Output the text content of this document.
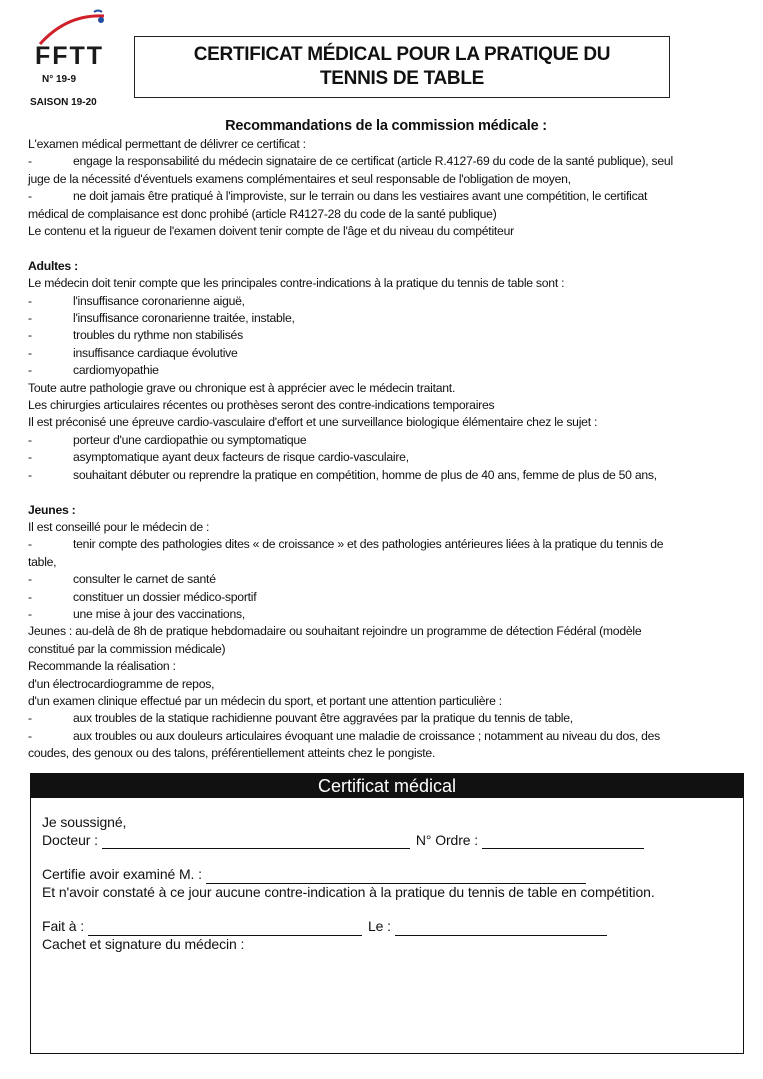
FFTT
N° 19-9
SAISON 19-20
CERTIFICAT MÉDICAL POUR LA PRATIQUE DU
TENNIS DE TABLE
Recommandations de la commission médicale :

L'examen médical permettant de délivrer ce certificat :

-	engage la responsabilité du médecin signataire de ce certificat (article R.4127-69 du code de la santé publique), seul

juge de la nécessité d'éventuels examens complémentaires et seul responsable de l'obligation de moyen,

-	ne doit jamais être pratiqué à l'improviste, sur le terrain ou dans les vestiaires avant une compétition, le certificat

médical de complaisance est donc prohibé (article R4127-28 du code de la santé publique)

Le contenu et la rigueur de l'examen doivent tenir compte de l'âge et du niveau du compétiteur

Adultes :

Le médecin doit tenir compte que les principales contre-indications à la pratique du tennis de table sont :

-	l'insuffisance coronarienne aiguë,
-	l'insuffisance coronarienne traitée, instable,
-	troubles du rythme non stabilisés
-	insuffisance cardiaque évolutive
-	cardiomyopathie

Toute autre pathologie grave ou chronique est à apprécier avec le médecin traitant.

Les chirurgies articulaires récentes ou prothèses seront des contre-indications temporaires

Il est préconisé une épreuve cardio-vasculaire d'effort et une surveillance biologique élémentaire chez le sujet :

-	porteur d'une cardiopathie ou symptomatique
-	asymptomatique ayant deux facteurs de risque cardio-vasculaire,
-	souhaitant débuter ou reprendre la pratique en compétition, homme de plus de 40 ans, femme de plus de 50 ans,

Jeunes :

Il est conseillé pour le médecin de :

-	tenir compte des pathologies dites « de croissance » et des pathologies antérieures liées à la pratique du tennis de

table,

-	consulter le carnet de santé
-	constituer un dossier médico-sportif
-	une mise à jour des vaccinations,

Jeunes : au-delà de 8h de pratique hebdomadaire ou souhaitant rejoindre un programme de détection Fédéral (modèle

constitué par la commission médicale)

Recommande la réalisation :

d'un électrocardiogramme de repos,

d'un examen clinique effectué par un médecin du sport, et portant une attention particulière :

-	aux troubles de la statique rachidienne pouvant être aggravées par la pratique du tennis de table,
-	aux troubles ou aux douleurs articulaires évoquant une maladie de croissance ; notamment au niveau du dos, des

coudes, des genoux ou des talons, préférentiellement atteints chez le pongiste.

Certificat médical
Je soussigné,
Docteur :	N° Ordre :
Certifie avoir examiné M. :
Et n'avoir constaté à ce jour aucune contre-indication à la pratique du tennis de table en compétition.
Fait à :	Le :
Cachet et signature du médecin :
